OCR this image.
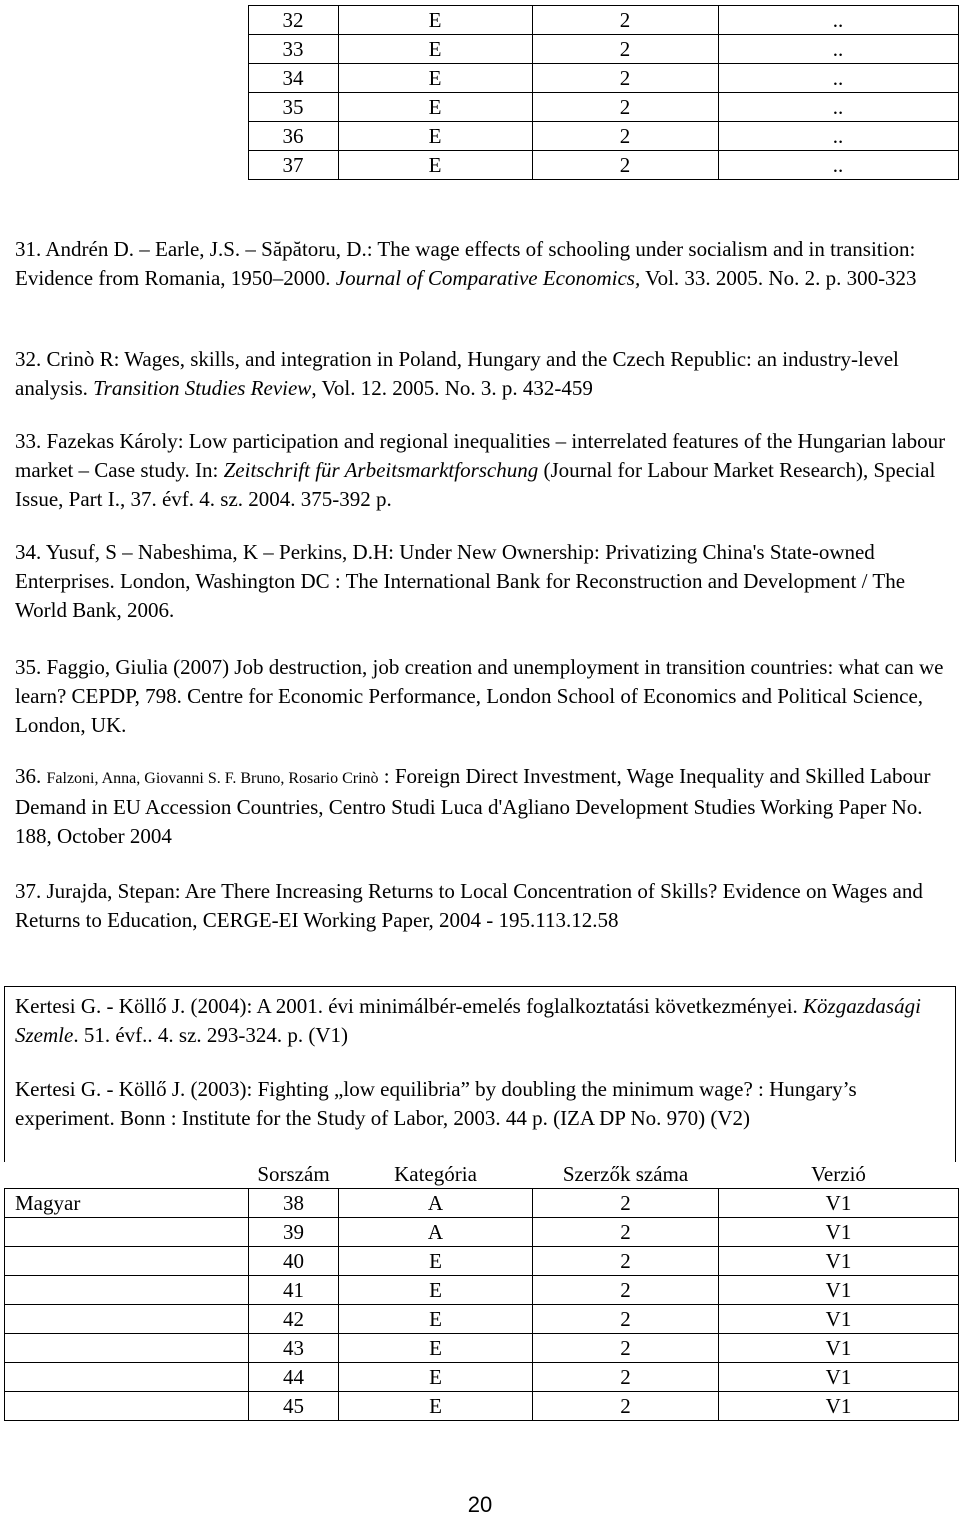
	32	E	2	..
	33	E	2	..
	34	E	2	..
	35	E	2	..
	36	E	2	..
	37	E	2	..

31. Andrén D. – Earle, J.S. – Săpătoru, D.: The wage effects of schooling under socialism and in transition: Evidence from Romania, 1950–2000. Journal of Comparative Economics, Vol. 33. 2005. No. 2. p. 300-323

32. Crinò R: Wages, skills, and integration in Poland, Hungary and the Czech Republic: an industry-level analysis. Transition Studies Review, Vol. 12. 2005. No. 3. p. 432-459

33. Fazekas Károly: Low participation and regional inequalities – interrelated features of the Hungarian labour market – Case study. In: Zeitschrift für Arbeitsmarktforschung (Journal for Labour Market Research), Special Issue, Part I., 37. évf. 4. sz. 2004. 375-392 p.

34. Yusuf, S – Nabeshima, K – Perkins, D.H: Under New Ownership: Privatizing China's State-owned Enterprises. London, Washington DC : The International Bank for Reconstruction and Development / The World Bank, 2006.

35. Faggio, Giulia (2007) Job destruction, job creation and unemployment in transition countries: what can we learn? CEPDP, 798. Centre for Economic Performance, London School of Economics and Political Science, London, UK.

36. Falzoni, Anna, Giovanni S. F. Bruno, Rosario Crinò : Foreign Direct Investment, Wage Inequality and Skilled Labour Demand in EU Accession Countries, Centro Studi Luca d'Agliano Development Studies Working Paper No. 188, October 2004

37. Jurajda, Stepan: Are There Increasing Returns to Local Concentration of Skills? Evidence on Wages and Returns to Education, CERGE-EI Working Paper, 2004 - 195.113.12.58

Kertesi G. - Köllő J. (2004): A 2001. évi minimálbér-emelés foglalkoztatási következményei. Közgazdasági Szemle. 51. évf.. 4. sz. 293-324. p. (V1)

Kertesi G. - Köllő J. (2003): Fighting „low equilibria” by doubling the minimum wage? : Hungary’s experiment. Bonn : Institute for the Study of Labor, 2003. 44 p. (IZA DP No. 970) (V2)

	Sorszám	Kategória	Szerzők száma	Verzió
Magyar	38	A	2	V1
	39	A	2	V1
	40	E	2	V1
	41	E	2	V1
	42	E	2	V1
	43	E	2	V1
	44	E	2	V1
	45	E	2	V1
20
